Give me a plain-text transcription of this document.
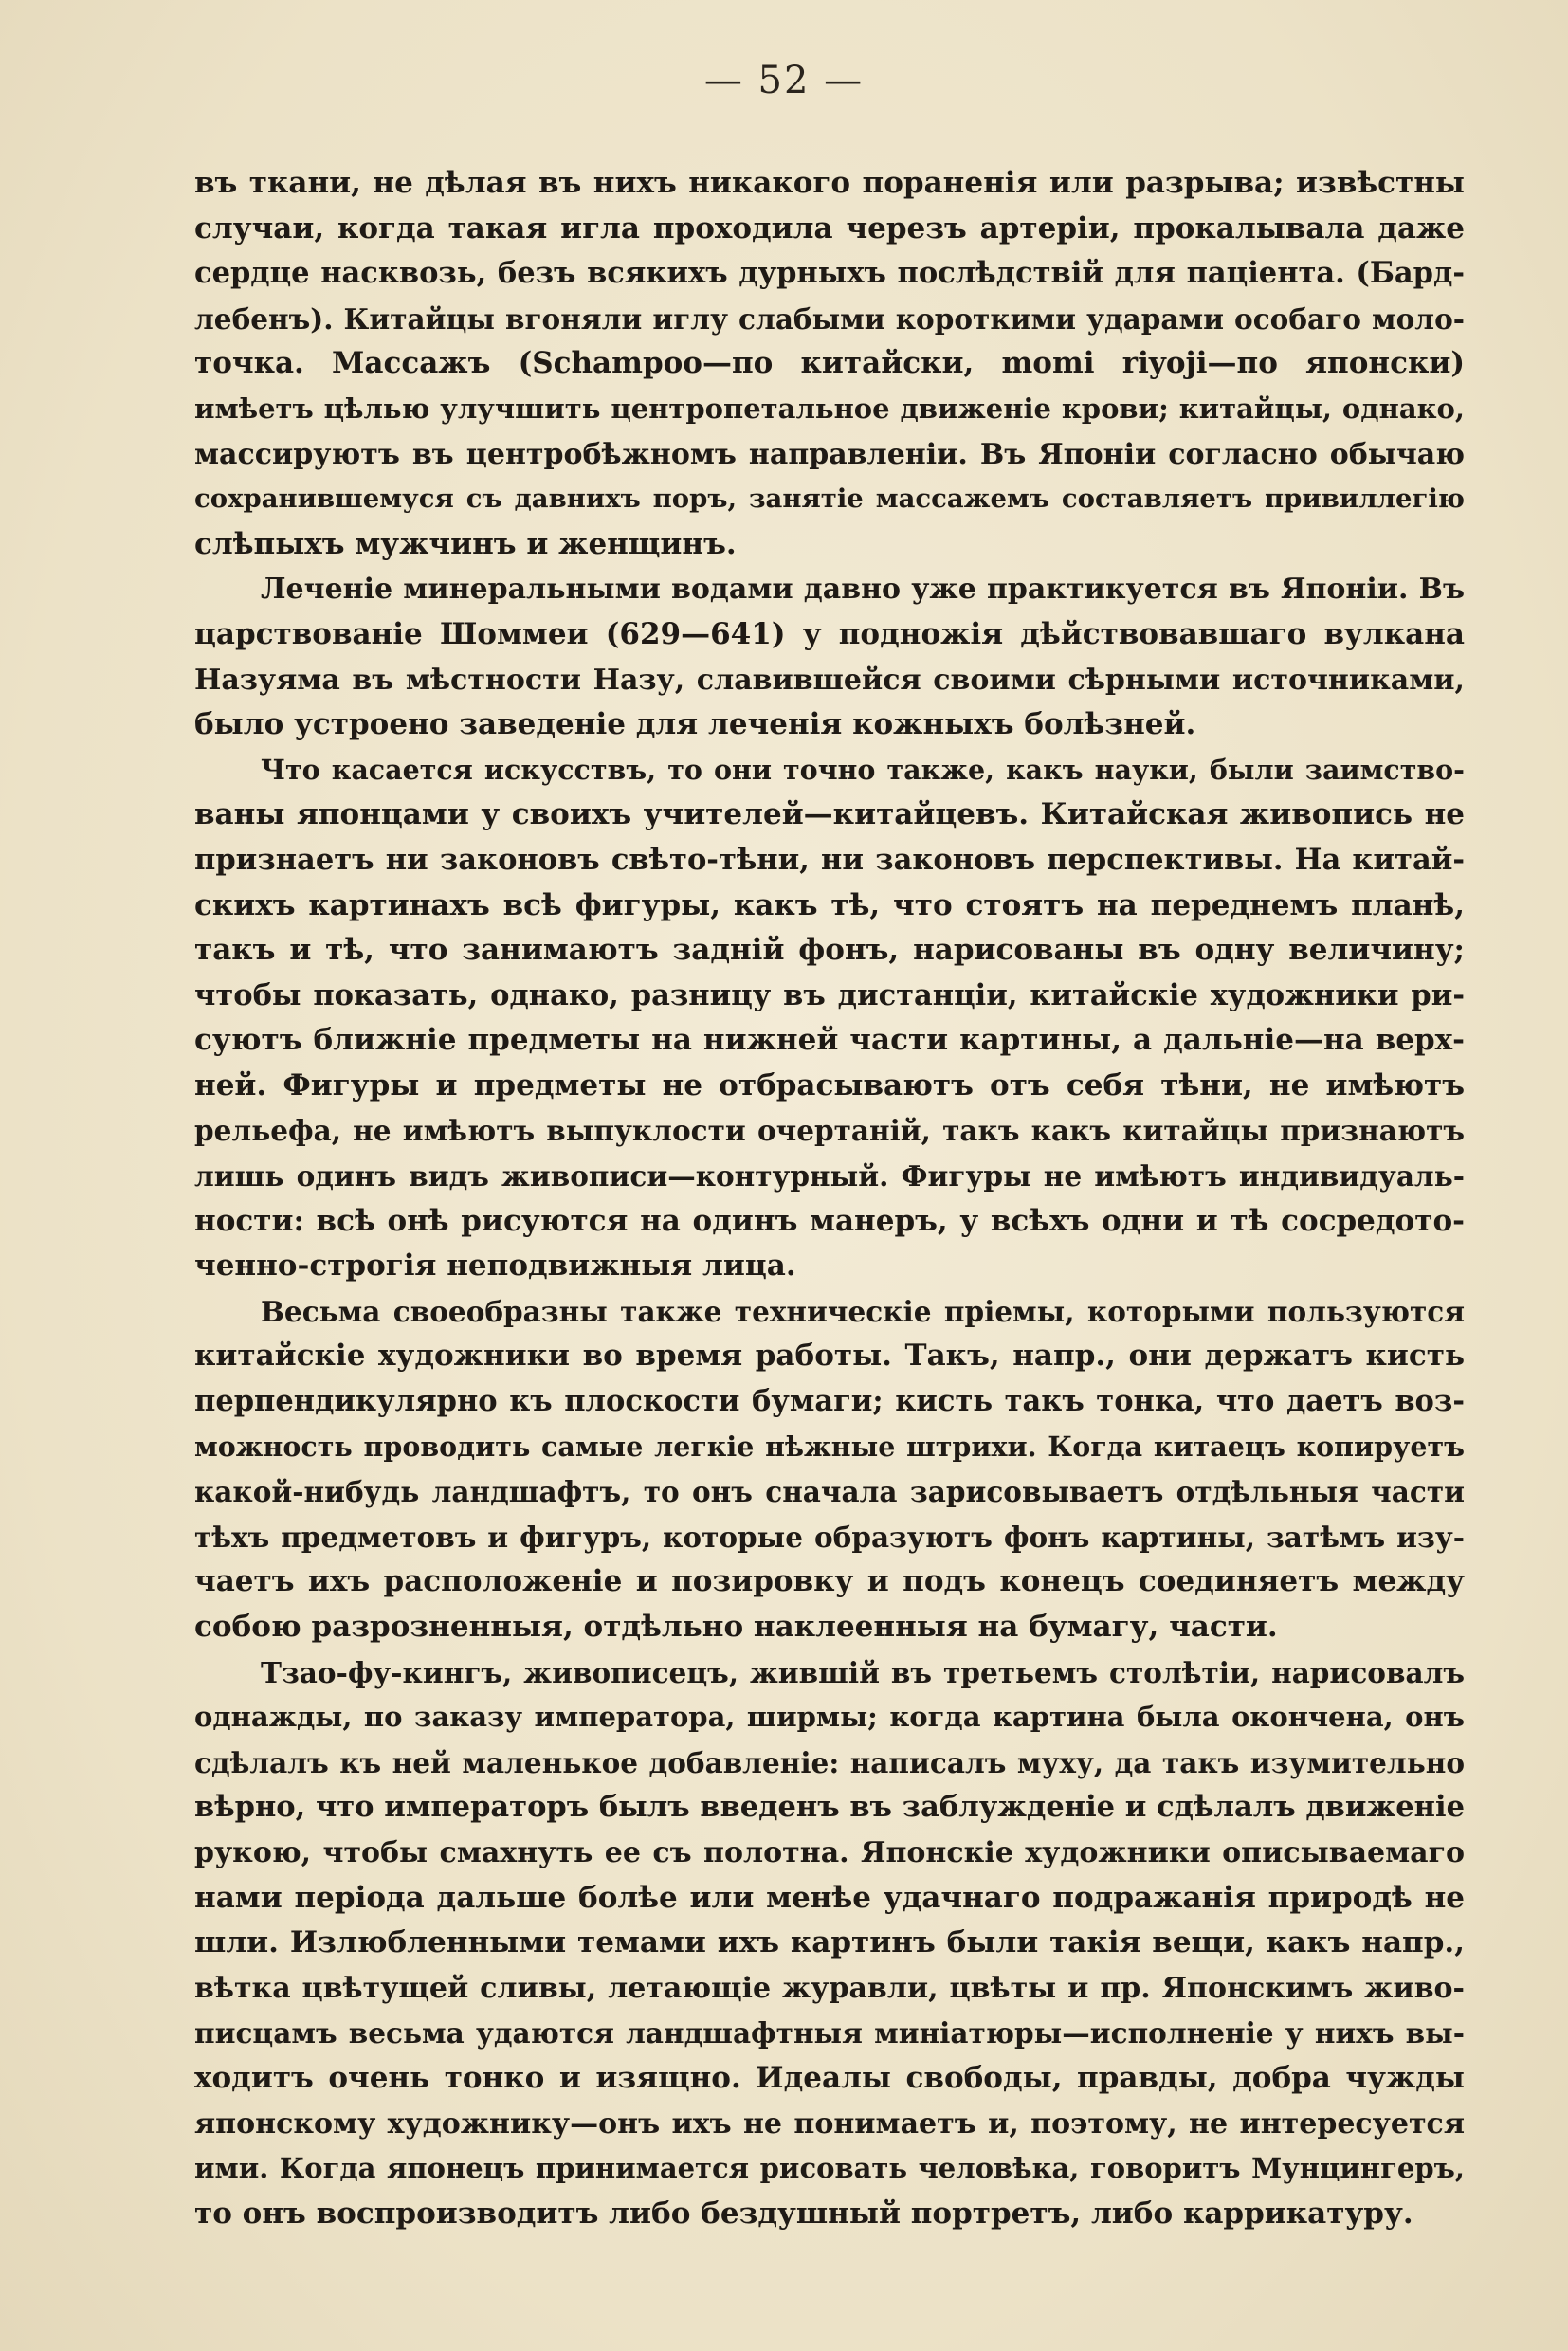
— 52 —
въ ткани, не дѣлая въ нихъ никакого пораненія или разрыва; извѣстны
случаи, когда такая игла проходила черезъ артеріи, прокалывала даже
сердце насквозь, безъ всякихъ дурныхъ послѣдствій для паціента. (Бард-
лебенъ). Китайцы вгоняли иглу слабыми короткими ударами особаго моло-
точка. Массажъ (Schampoo—по китайски, momi riyoji—по японски)
имѣетъ цѣлью улучшить центропетальное движеніе крови; китайцы, однако,
массируютъ въ центробѣжномъ направленіи. Въ Японіи согласно обычаю
сохранившемуся съ давнихъ поръ, занятіе массажемъ составляетъ привиллегію
слѣпыхъ мужчинъ и женщинъ.
Леченіе минеральными водами давно уже практикуется въ Японіи. Въ
царствованіе Шоммеи (629—641) у подножія дѣйствовавшаго вулкана
Назуяма въ мѣстности Назу, славившейся своими сѣрными источниками,
было устроено заведеніе для леченія кожныхъ болѣзней.
Что касается искусствъ, то они точно также, какъ науки, были заимство-
ваны японцами у своихъ учителей—китайцевъ. Китайская живопись не
признаетъ ни законовъ свѣто-тѣни, ни законовъ перспективы. На китай-
скихъ картинахъ всѣ фигуры, какъ тѣ, что стоятъ на переднемъ планѣ,
такъ и тѣ, что занимаютъ задній фонъ, нарисованы въ одну величину;
чтобы показать, однако, разницу въ дистанціи, китайскіе художники ри-
суютъ ближніе предметы на нижней части картины, а дальніе—на верх-
ней. Фигуры и предметы не отбрасываютъ отъ себя тѣни, не имѣютъ
рельефа, не имѣютъ выпуклости очертаній, такъ какъ китайцы признаютъ
лишь одинъ видъ живописи—контурный. Фигуры не имѣютъ индивидуаль-
ности: всѣ онѣ рисуются на одинъ манеръ, у всѣхъ одни и тѣ сосредото-
ченно-строгія неподвижныя лица.
Весьма своеобразны также техническіе пріемы, которыми пользуются
китайскіе художники во время работы. Такъ, напр., они держатъ кисть
перпендикулярно къ плоскости бумаги; кисть такъ тонка, что даетъ воз-
можность проводить самые легкіе нѣжные штрихи. Когда китаецъ копируетъ
какой-нибудь ландшафтъ, то онъ сначала зарисовываетъ отдѣльныя части
тѣхъ предметовъ и фигуръ, которые образуютъ фонъ картины, затѣмъ изу-
чаетъ ихъ расположеніе и позировку и подъ конецъ соединяетъ между
собою разрозненныя, отдѣльно наклеенныя на бумагу, части.
Тзао-фу-кингъ, живописецъ, жившій въ третьемъ столѣтіи, нарисовалъ
однажды, по заказу императора, ширмы; когда картина была окончена, онъ
сдѣлалъ къ ней маленькое добавленіе: написалъ муху, да такъ изумительно
вѣрно, что императоръ былъ введенъ въ заблужденіе и сдѣлалъ движеніе
рукою, чтобы смахнуть ее съ полотна. Японскіе художники описываемаго
нами періода дальше болѣе или менѣе удачнаго подражанія природѣ не
шли. Излюбленными темами ихъ картинъ были такія вещи, какъ напр.,
вѣтка цвѣтущей сливы, летающіе журавли, цвѣты и пр. Японскимъ живо-
писцамъ весьма удаются ландшафтныя миніатюры—исполненіе у нихъ вы-
ходитъ очень тонко и изящно. Идеалы свободы, правды, добра чужды
японскому художнику—онъ ихъ не понимаетъ и, поэтому, не интересуется
ими. Когда японецъ принимается рисовать человѣка, говоритъ Мунцингеръ,
то онъ воспроизводитъ либо бездушный портретъ, либо каррикатуру.
